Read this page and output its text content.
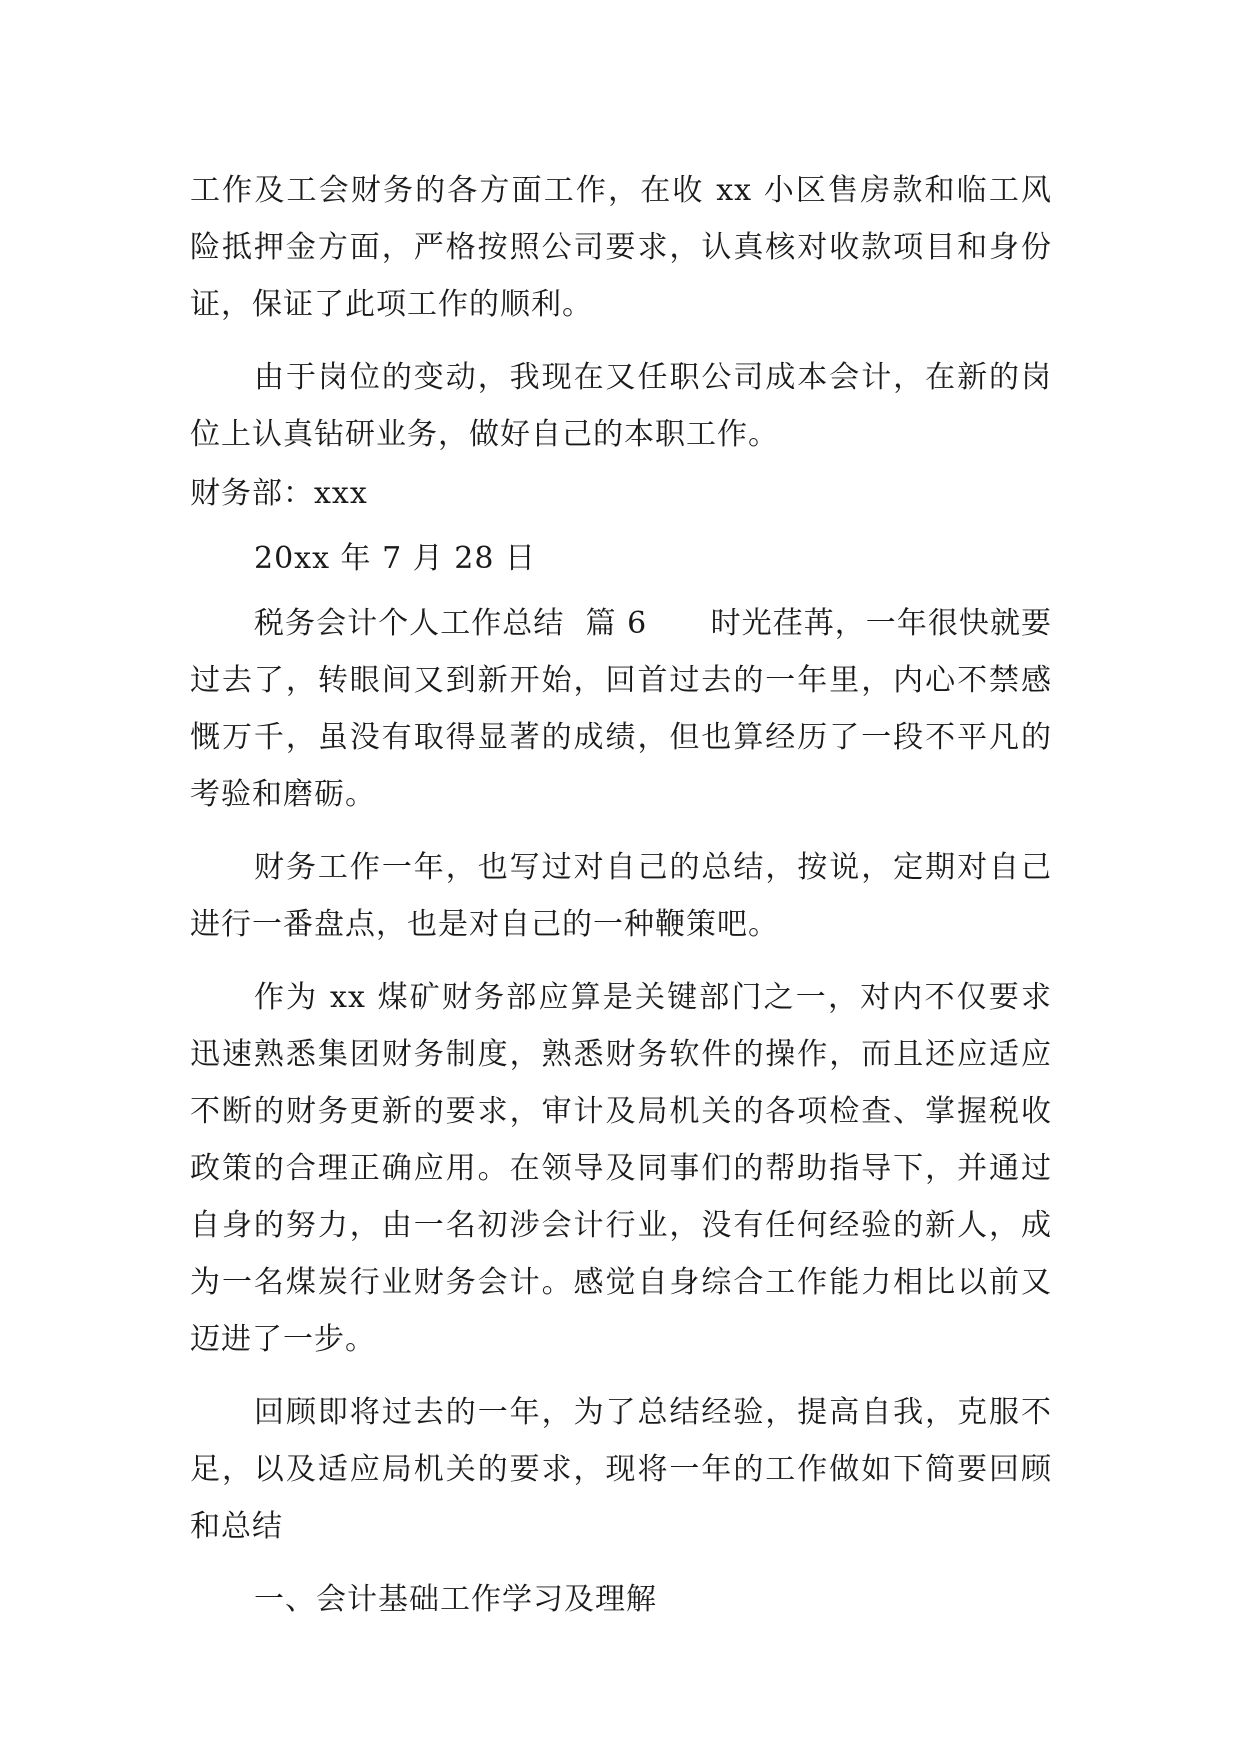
工作及工会财务的各方面工作，在收 xx 小区售房款和临工风险抵押金方面，严格按照公司要求，认真核对收款项目和身份证，保证了此项工作的顺利。

由于岗位的变动，我现在又任职公司成本会计，在新的岗位上认真钻研业务，做好自己的本职工作。

财务部：xxx

20xx 年 7 月 28 日

税务会计个人工作总结  篇 6      时光荏苒，一年很快就要过去了，转眼间又到新开始，回首过去的一年里，内心不禁感慨万千，虽没有取得显著的成绩，但也算经历了一段不平凡的考验和磨砺。

财务工作一年，也写过对自己的总结，按说，定期对自己进行一番盘点，也是对自己的一种鞭策吧。

作为 xx 煤矿财务部应算是关键部门之一，对内不仅要求迅速熟悉集团财务制度，熟悉财务软件的操作，而且还应适应不断的财务更新的要求，审计及局机关的各项检查、掌握税收政策的合理正确应用。在领导及同事们的帮助指导下，并通过自身的努力，由一名初涉会计行业，没有任何经验的新人，成为一名煤炭行业财务会计。感觉自身综合工作能力相比以前又迈进了一步。

回顾即将过去的一年，为了总结经验，提高自我，克服不足，以及适应局机关的要求，现将一年的工作做如下简要回顾和总结

一、会计基础工作学习及理解
